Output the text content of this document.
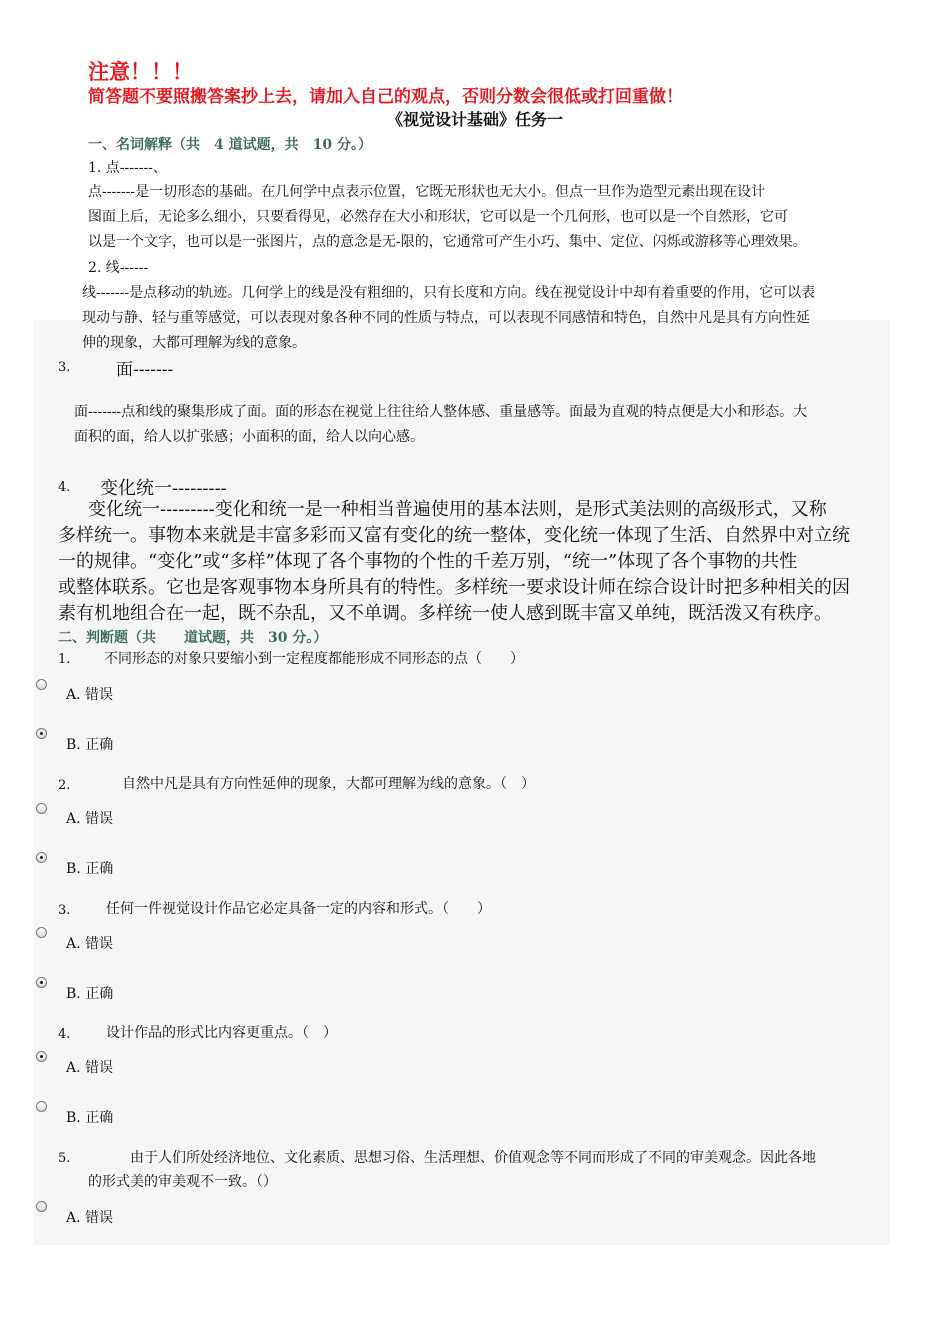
注意！！！
简答题不要照搬答案抄上去，请加入自己的观点，否则分数会很低或打回重做！
《视觉设计基础》任务一
一、名词解释（共　4 道试题，共　10 分。）
1. 点-------、
点-------是一切形态的基础。在几何学中点表示位置，它既无形状也无大小。但点一旦作为造型元素出现在设计
图面上后，无论多么细小，只要看得见，必然存在大小和形状，它可以是一个几何形，也可以是一个自然形，它可
以是一个文字，也可以是一张图片，点的意念是无-限的，它通常可产生小巧、集中、定位、闪烁或游移等心理效果。
2. 线------
线-------是点移动的轨迹。几何学上的线是没有粗细的，只有长度和方向。线在视觉设计中却有着重要的作用，它可以表
现动与静、轻与重等感觉，可以表现对象各种不同的性质与特点，可以表现不同感情和特色，自然中凡是具有方向性延
伸的现象，大都可理解为线的意象。
3.	面-------
面-------点和线的聚集形成了面。面的形态在视觉上往往给人整体感、重量感等。面最为直观的特点便是大小和形态。大
面积的面，给人以扩张感；小面积的面，给人以向心感。
4. 变化统一---------
变化统一---------变化和统一是一种相当普遍使用的基本法则，是形式美法则的高级形式，又称
多样统一。事物本来就是丰富多彩而又富有变化的统一整体，变化统一体现了生活、自然界中对立统
一的规律。“变化”或“多样”体现了各个事物的个性的千差万别，“统一”体现了各个事物的共性
或整体联系。它也是客观事物本身所具有的特性。多样统一要求设计师在综合设计时把多种相关的因
素有机地组合在一起，既不杂乱，又不单调。多样统一使人感到既丰富又单纯，既活泼又有秩序。
二、判断题（共　　道试题，共　30 分。）
1. 不同形态的对象只要缩小到一定程度都能形成不同形态的点（　　）
A. 错误
B. 正确
2.	自然中凡是具有方向性延伸的现象，大都可理解为线的意象。（　）
A. 错误
B. 正确
3.	任何一件视觉设计作品它必定具备一定的内容和形式。（　　）
A. 错误
B. 正确
4.	设计作品的形式比内容更重点。（　）
A. 错误
B. 正确
5.	由于人们所处经济地位、文化素质、思想习俗、生活理想、价值观念等不同而形成了不同的审美观念。因此各地
的形式美的审美观不一致。（）
A. 错误
